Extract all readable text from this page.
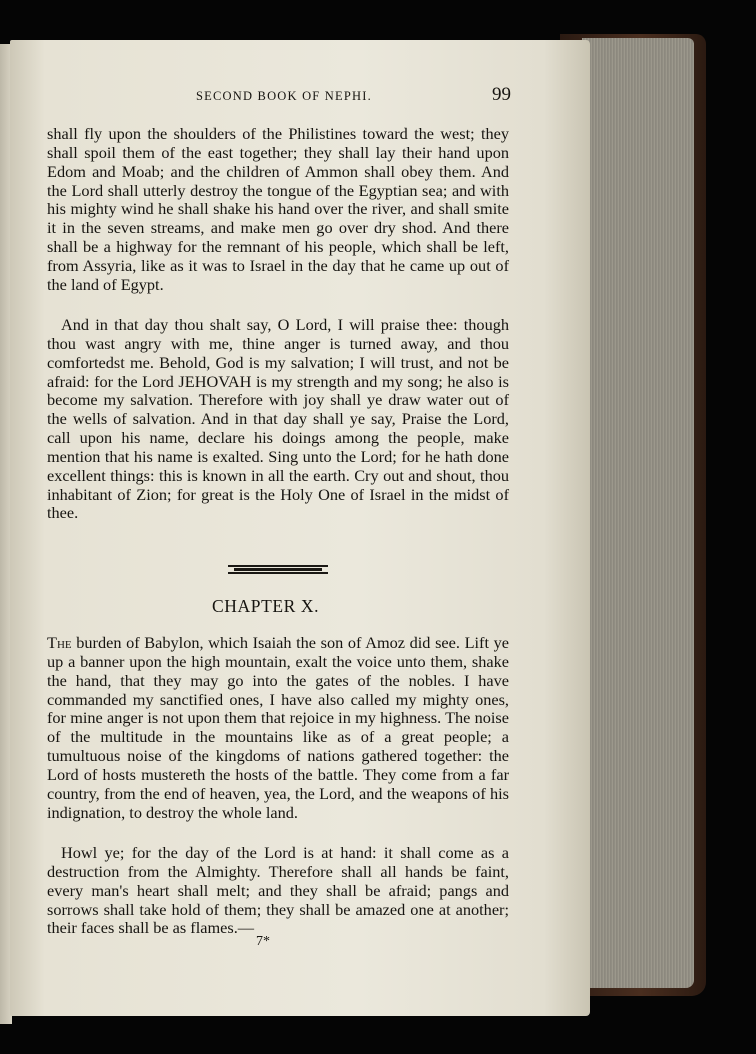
SECOND BOOK OF NEPHI.	99

shall fly upon the shoulders of the Philistines toward the west; they shall spoil them of the east together; they shall lay their hand upon Edom and Moab; and the children of Ammon shall obey them. And the Lord shall utterly destroy the tongue of the Egyptian sea; and with his mighty wind he shall shake his hand over the river, and shall smite it in the seven streams, and make men go over dry shod. And there shall be a highway for the remnant of his people, which shall be left, from Assyria, like as it was to Israel in the day that he came up out of the land of Egypt.

And in that day thou shalt say, O Lord, I will praise thee: though thou wast angry with me, thine anger is turned away, and thou comfortedst me. Behold, God is my salvation; I will trust, and not be afraid: for the Lord JEHOVAH is my strength and my song; he also is become my salvation. Therefore with joy shall ye draw water out of the wells of salvation. And in that day shall ye say, Praise the Lord, call upon his name, declare his doings among the people, make mention that his name is exalted. Sing unto the Lord; for he hath done excellent things: this is known in all the earth. Cry out and shout, thou inhabitant of Zion; for great is the Holy One of Israel in the midst of thee.

CHAPTER X.

The burden of Babylon, which Isaiah the son of Amoz did see. Lift ye up a banner upon the high mountain, exalt the voice unto them, shake the hand, that they may go into the gates of the nobles. I have commanded my sanctified ones, I have also called my mighty ones, for mine anger is not upon them that rejoice in my highness. The noise of the multitude in the mountains like as of a great people; a tumultuous noise of the kingdoms of nations gathered together: the Lord of hosts mustereth the hosts of the battle. They come from a far country, from the end of heaven, yea, the Lord, and the weapons of his indignation, to destroy the whole land.

Howl ye; for the day of the Lord is at hand: it shall come as a destruction from the Almighty. Therefore shall all hands be faint, every man's heart shall melt; and they shall be afraid; pangs and sorrows shall take hold of them; they shall be amazed one at another; their faces shall be as flames.—

7*
